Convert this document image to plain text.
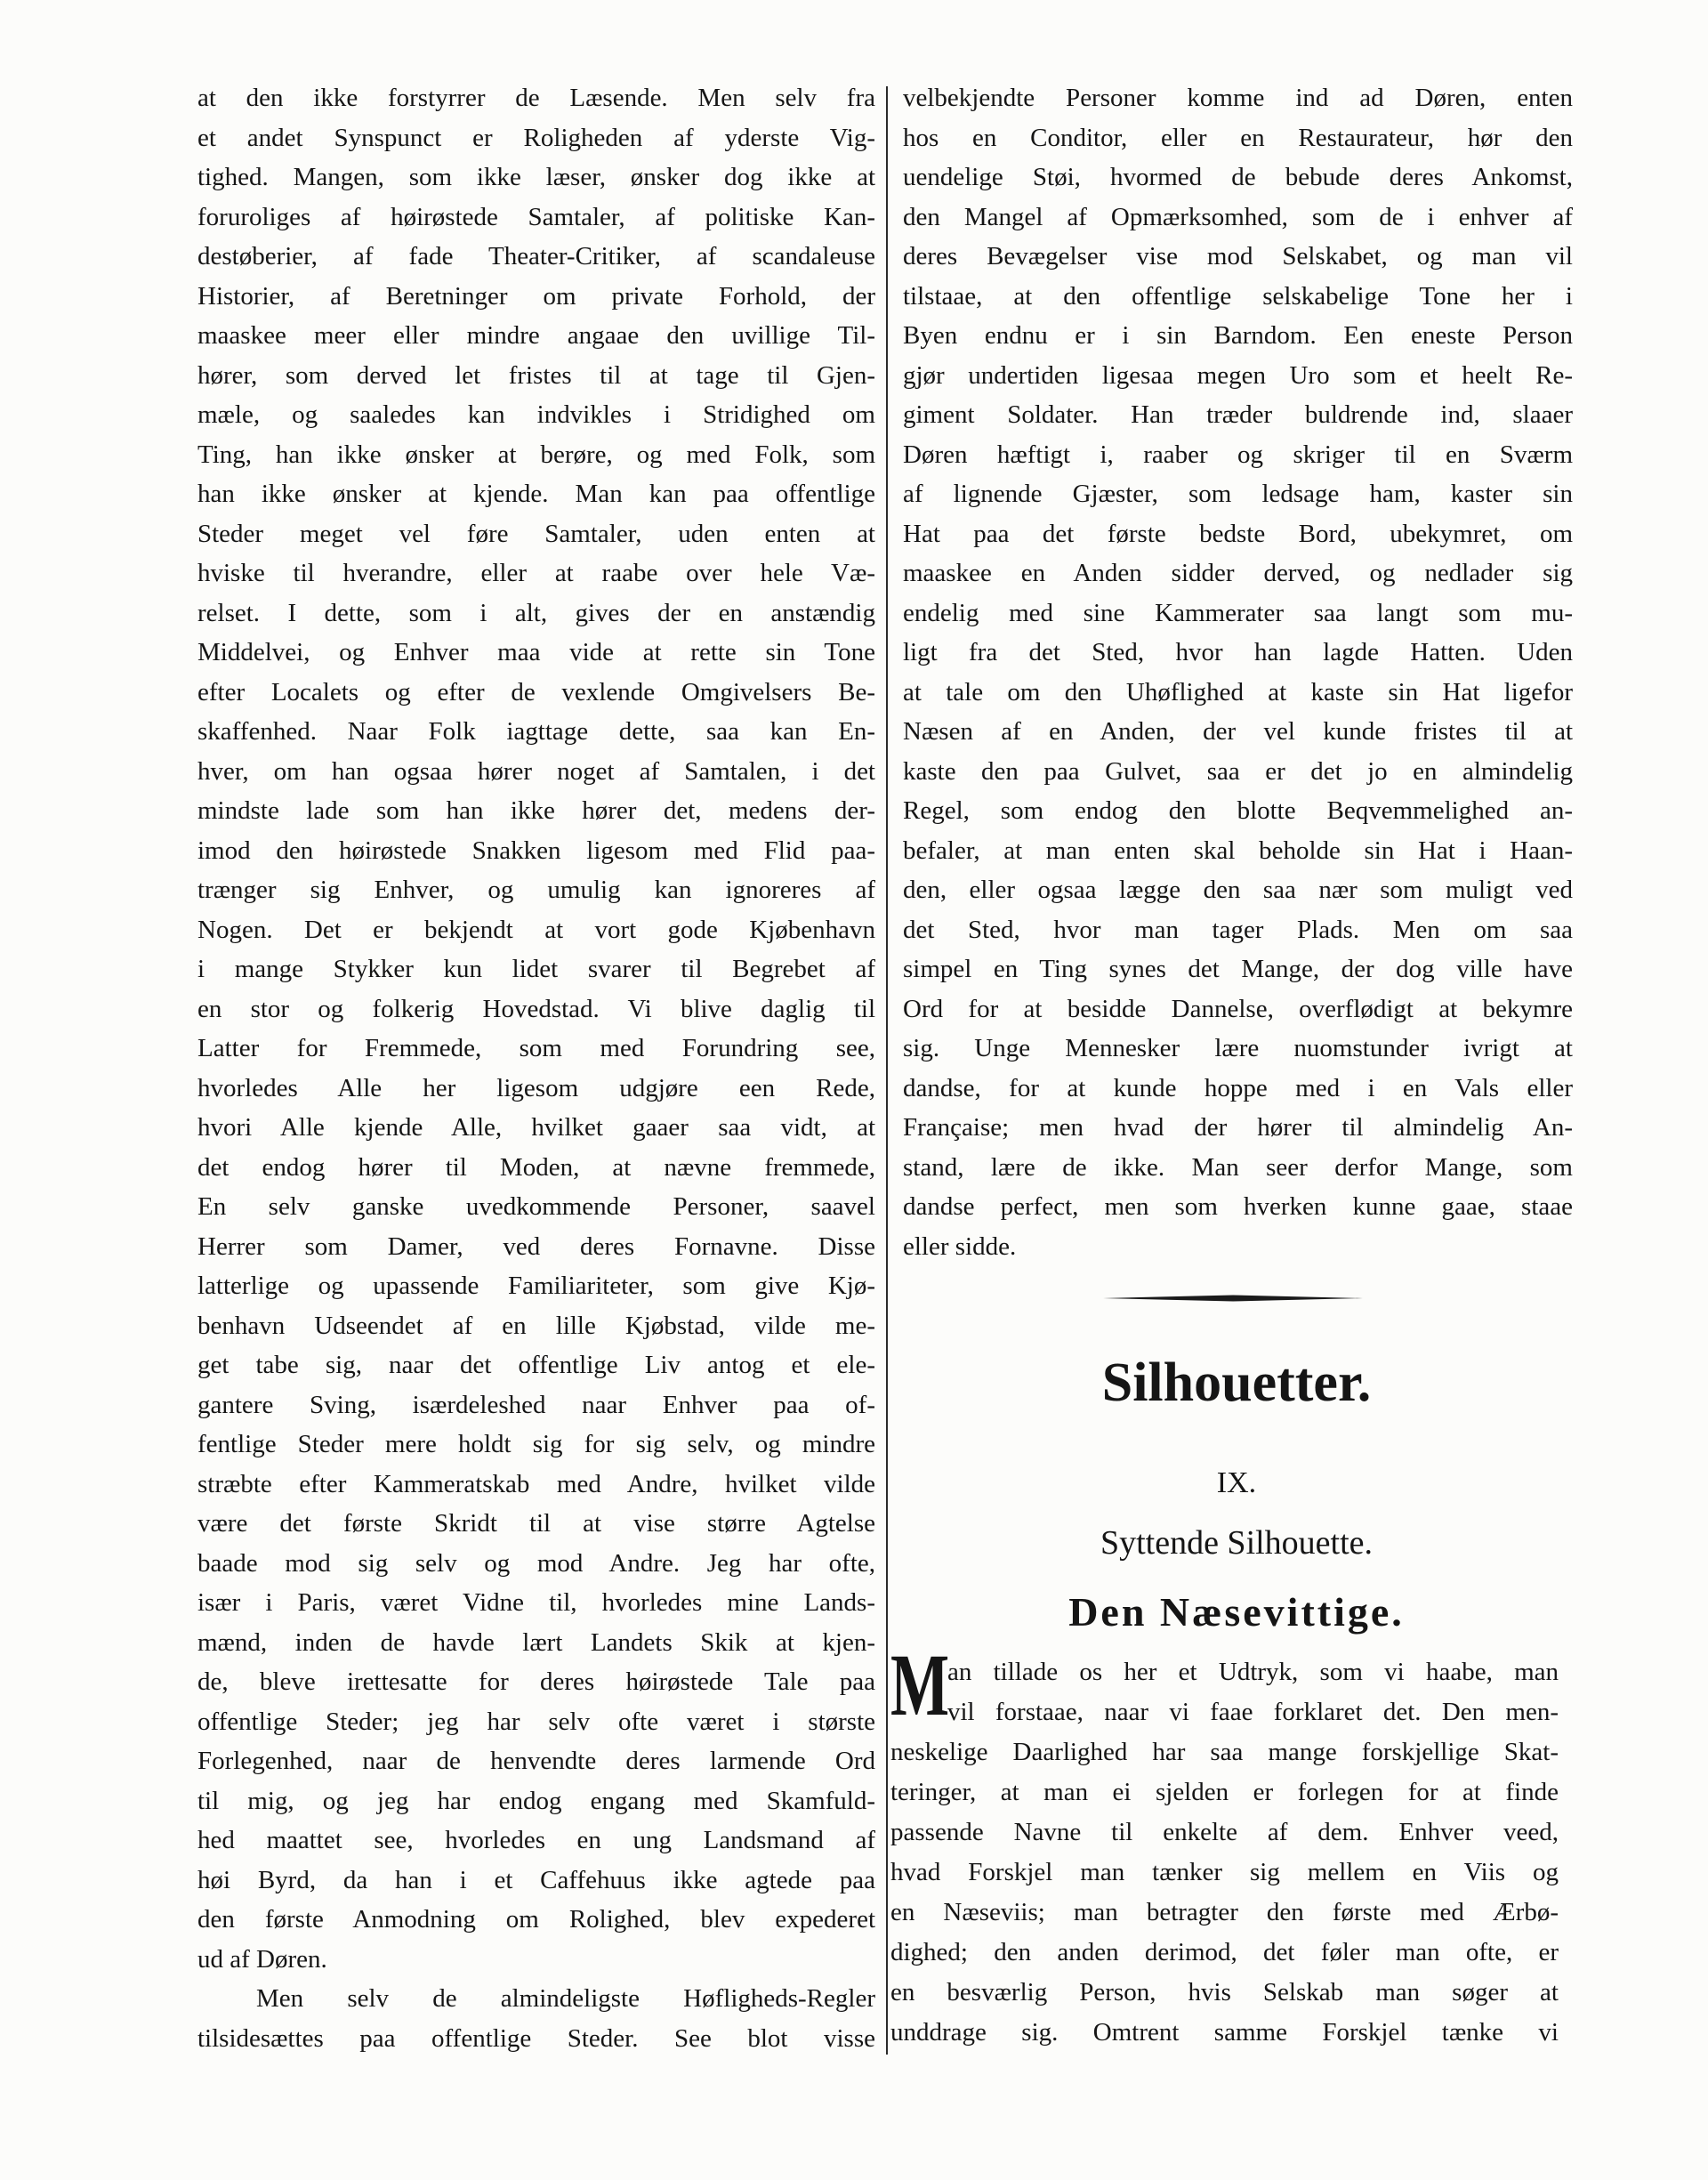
at den ikke forstyrrer de Læsende. Men selv fra
et andet Synspunct er Roligheden af yderste Vig-
tighed. Mangen, som ikke læser, ønsker dog ikke at
foruroliges af høirøstede Samtaler, af politiske Kan-
destøberier, af fade Theater-Critiker, af scandaleuse
Historier, af Beretninger om private Forhold, der
maaskee meer eller mindre angaae den uvillige Til-
hører, som derved let fristes til at tage til Gjen-
mæle, og saaledes kan indvikles i Stridighed om
Ting, han ikke ønsker at berøre, og med Folk, som
han ikke ønsker at kjende. Man kan paa offentlige
Steder meget vel føre Samtaler, uden enten at
hviske til hverandre, eller at raabe over hele Væ-
relset. I dette, som i alt, gives der en anstændig
Middelvei, og Enhver maa vide at rette sin Tone
efter Localets og efter de vexlende Omgivelsers Be-
skaffenhed. Naar Folk iagttage dette, saa kan En-
hver, om han ogsaa hører noget af Samtalen, i det
mindste lade som han ikke hører det, medens der-
imod den høirøstede Snakken ligesom med Flid paa-
trænger sig Enhver, og umulig kan ignoreres af
Nogen. Det er bekjendt at vort gode Kjøbenhavn
i mange Stykker kun lidet svarer til Begrebet af
en stor og folkerig Hovedstad. Vi blive daglig til
Latter for Fremmede, som med Forundring see,
hvorledes Alle her ligesom udgjøre een Rede,
hvori Alle kjende Alle, hvilket gaaer saa vidt, at
det endog hører til Moden, at nævne fremmede,
En selv ganske uvedkommende Personer, saavel
Herrer som Damer, ved deres Fornavne. Disse
latterlige og upassende Familiariteter, som give Kjø-
benhavn Udseendet af en lille Kjøbstad, vilde me-
get tabe sig, naar det offentlige Liv antog et ele-
gantere Sving, isærdeleshed naar Enhver paa of-
fentlige Steder mere holdt sig for sig selv, og mindre
stræbte efter Kammeratskab med Andre, hvilket vilde
være det første Skridt til at vise større Agtelse
baade mod sig selv og mod Andre. Jeg har ofte,
især i Paris, været Vidne til, hvorledes mine Lands-
mænd, inden de havde lært Landets Skik at kjen-
de, bleve irettesatte for deres høirøstede Tale paa
offentlige Steder; jeg har selv ofte været i største
Forlegenhed, naar de henvendte deres larmende Ord
til mig, og jeg har endog engang med Skamfuld-
hed maattet see, hvorledes en ung Landsmand af
høi Byrd, da han i et Caffehuus ikke agtede paa
den første Anmodning om Rolighed, blev expederet
ud af Døren.
Men selv de almindeligste Høfligheds-Regler
tilsidesættes paa offentlige Steder. See blot visse
velbekjendte Personer komme ind ad Døren, enten
hos en Conditor, eller en Restaurateur, hør den
uendelige Støi, hvormed de bebude deres Ankomst,
den Mangel af Opmærksomhed, som de i enhver af
deres Bevægelser vise mod Selskabet, og man vil
tilstaae, at den offentlige selskabelige Tone her i
Byen endnu er i sin Barndom. Een eneste Person
gjør undertiden ligesaa megen Uro som et heelt Re-
giment Soldater. Han træder buldrende ind, slaaer
Døren hæftigt i, raaber og skriger til en Sværm
af lignende Gjæster, som ledsage ham, kaster sin
Hat paa det første bedste Bord, ubekymret, om
maaskee en Anden sidder derved, og nedlader sig
endelig med sine Kammerater saa langt som mu-
ligt fra det Sted, hvor han lagde Hatten. Uden
at tale om den Uhøflighed at kaste sin Hat ligefor
Næsen af en Anden, der vel kunde fristes til at
kaste den paa Gulvet, saa er det jo en almindelig
Regel, som endog den blotte Beqvemmelighed an-
befaler, at man enten skal beholde sin Hat i Haan-
den, eller ogsaa lægge den saa nær som muligt ved
det Sted, hvor man tager Plads. Men om saa
simpel en Ting synes det Mange, der dog ville have
Ord for at besidde Dannelse, overflødigt at bekymre
sig. Unge Mennesker lære nuomstunder ivrigt at
dandse, for at kunde hoppe med i en Vals eller
Française; men hvad der hører til almindelig An-
stand, lære de ikke. Man seer derfor Mange, som
dandse perfect, men som hverken kunne gaae, staae
eller sidde.
Silhouetter.
IX.
Syttende Silhouette.
Den Næsevittige.
M
an tillade os her et Udtryk, som vi haabe, man
vil forstaae, naar vi faae forklaret det. Den men-
neskelige Daarlighed har saa mange forskjellige Skat-
teringer, at man ei sjelden er forlegen for at finde
passende Navne til enkelte af dem. Enhver veed,
hvad Forskjel man tænker sig mellem en Viis og
en Næseviis; man betragter den første med Ærbø-
dighed; den anden derimod, det føler man ofte, er
en besværlig Person, hvis Selskab man søger at
unddrage sig. Omtrent samme Forskjel tænke vi
